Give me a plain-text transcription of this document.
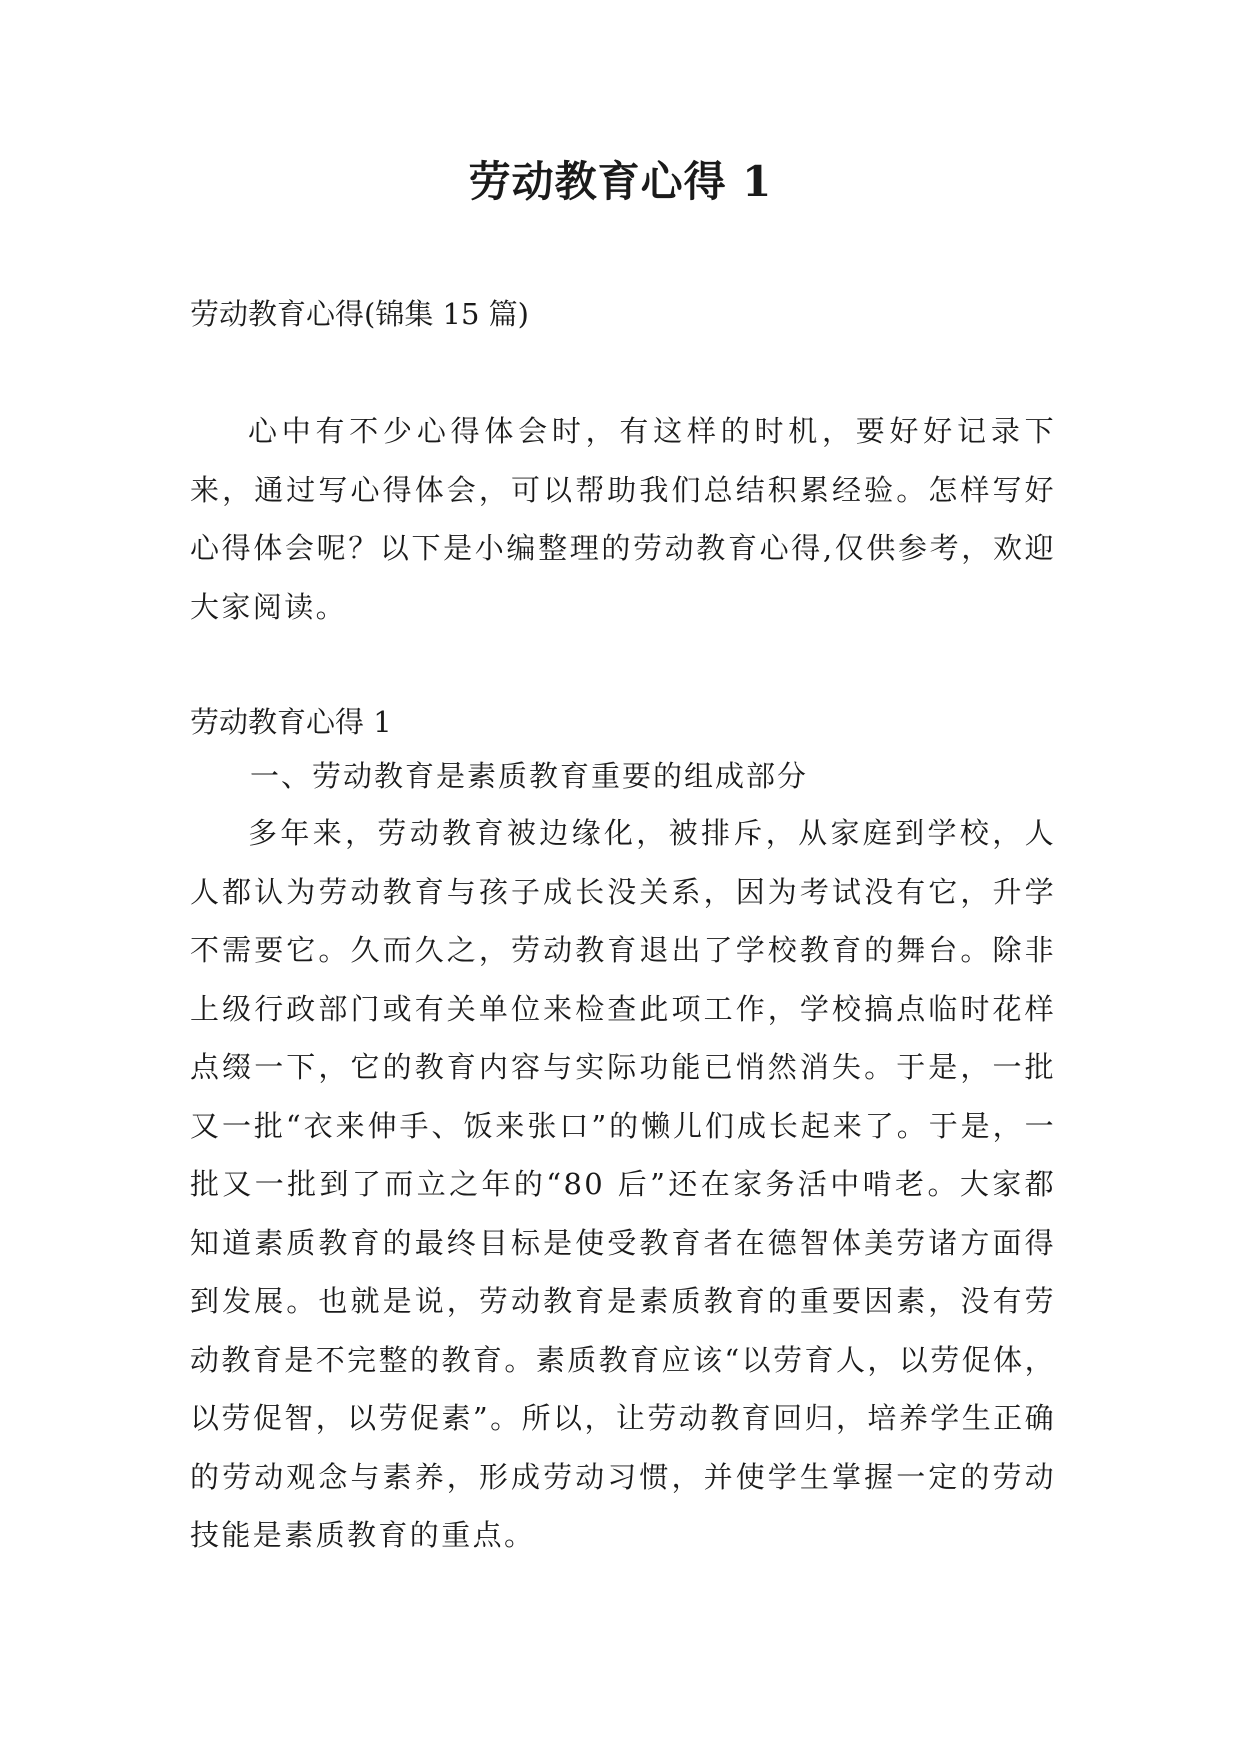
劳动教育心得 1
劳动教育心得(锦集 15 篇)

心中有不少心得体会时，有这样的时机，要好好记录下来，通过写心得体会，可以帮助我们总结积累经验。怎样写好心得体会呢？以下是小编整理的劳动教育心得,仅供参考，欢迎大家阅读。

劳动教育心得 1
一、劳动教育是素质教育重要的组成部分

多年来，劳动教育被边缘化，被排斥，从家庭到学校，人人都认为劳动教育与孩子成长没关系，因为考试没有它，升学不需要它。久而久之，劳动教育退出了学校教育的舞台。除非上级行政部门或有关单位来检查此项工作，学校搞点临时花样点缀一下，它的教育内容与实际功能已悄然消失。于是，一批又一批“衣来伸手、饭来张口”的懒儿们成长起来了。于是，一批又一批到了而立之年的“80 后”还在家务活中啃老。大家都知道素质教育的最终目标是使受教育者在德智体美劳诸方面得到发展。也就是说，劳动教育是素质教育的重要因素，没有劳动教育是不完整的教育。素质教育应该“以劳育人，以劳促体，以劳促智，以劳促素”。所以，让劳动教育回归，培养学生正确的劳动观念与素养，形成劳动习惯，并使学生掌握一定的劳动技能是素质教育的重点。
